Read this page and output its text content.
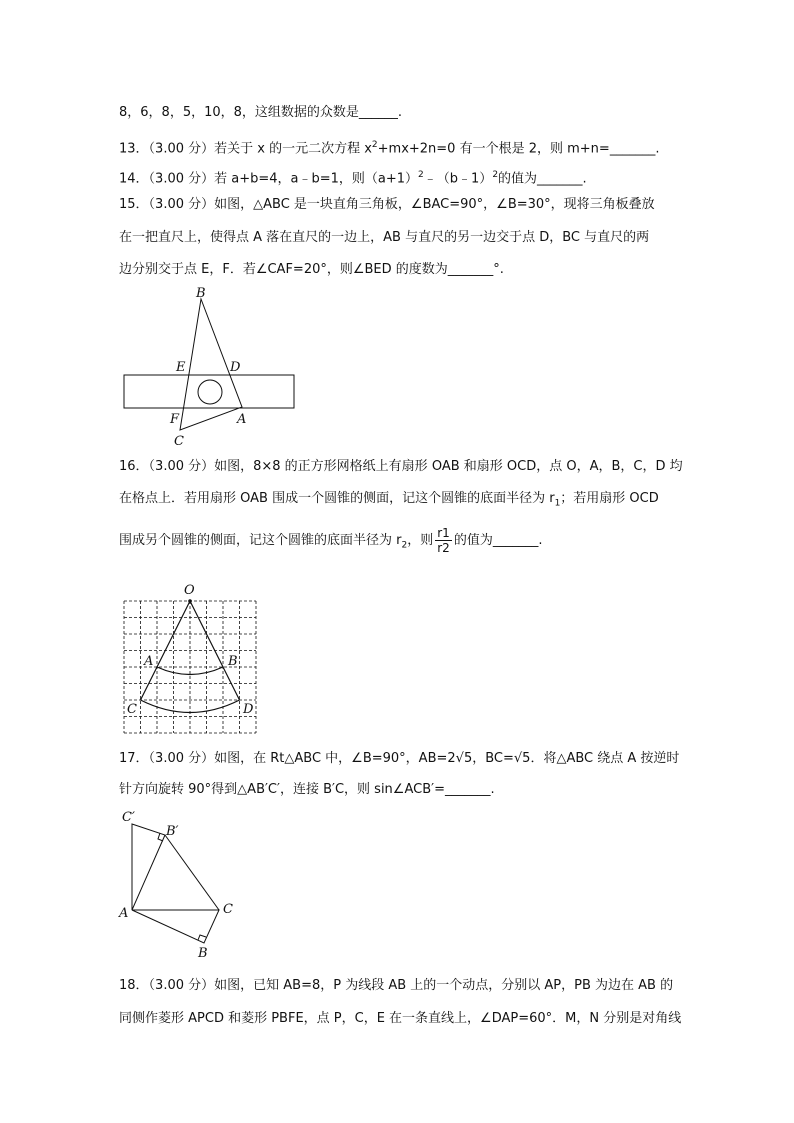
8，6，8，5，10，8，这组数据的众数是______.
13．（3.00 分）若关于 x 的一元二次方程 $x^2+mx+2n=0$ 有一个根是 2，则 m+n=_______.
14．（3.00 分）若 a+b=4，a﹣b=1，则$(a+1)^2﹣(b﹣1)^2$的值为_______.
15．（3.00 分）如图，△ABC 是一块直角三角板，∠BAC=90°，∠B=30°，现将三角板叠放
在一把直尺上，使得点 A 落在直尺的一边上，AB 与直尺的另一边交于点 D，BC 与直尺的两
边分别交于点 E，F．若∠CAF=20°，则∠BED 的度数为_______°.
B
E	D
F	A
C
16．（3.00 分）如图，8×8 的正方形网格纸上有扇形 OAB 和扇形 OCD，点 O，A，B，C，D 均
在格点上．若用扇形 OAB 围成一个圆锥的侧面，记这个圆锥的底面半径为 $r_1$；若用扇形 OCD
围成另个圆锥的侧面，记这个圆锥的底面半径为 $r_2$，则 $\frac{r1}{r2}$ 的值为_______.
O
A	B
C	D
17．（3.00 分）如图，在 Rt△ABC 中，∠B=90°，AB=2√5，BC=√5．将△ABC 绕点 A 按逆时
针方向旋转 90°得到△AB′C′，连接 B′C，则 sin∠ACB′=_______.
C′
B′
A	C
B
18．（3.00 分）如图，已知 AB=8，P 为线段 AB 上的一个动点，分别以 AP，PB 为边在 AB 的
同侧作菱形 APCD 和菱形 PBFE，点 P，C，E 在一条直线上，∠DAP=60°．M，N 分别是对角线
